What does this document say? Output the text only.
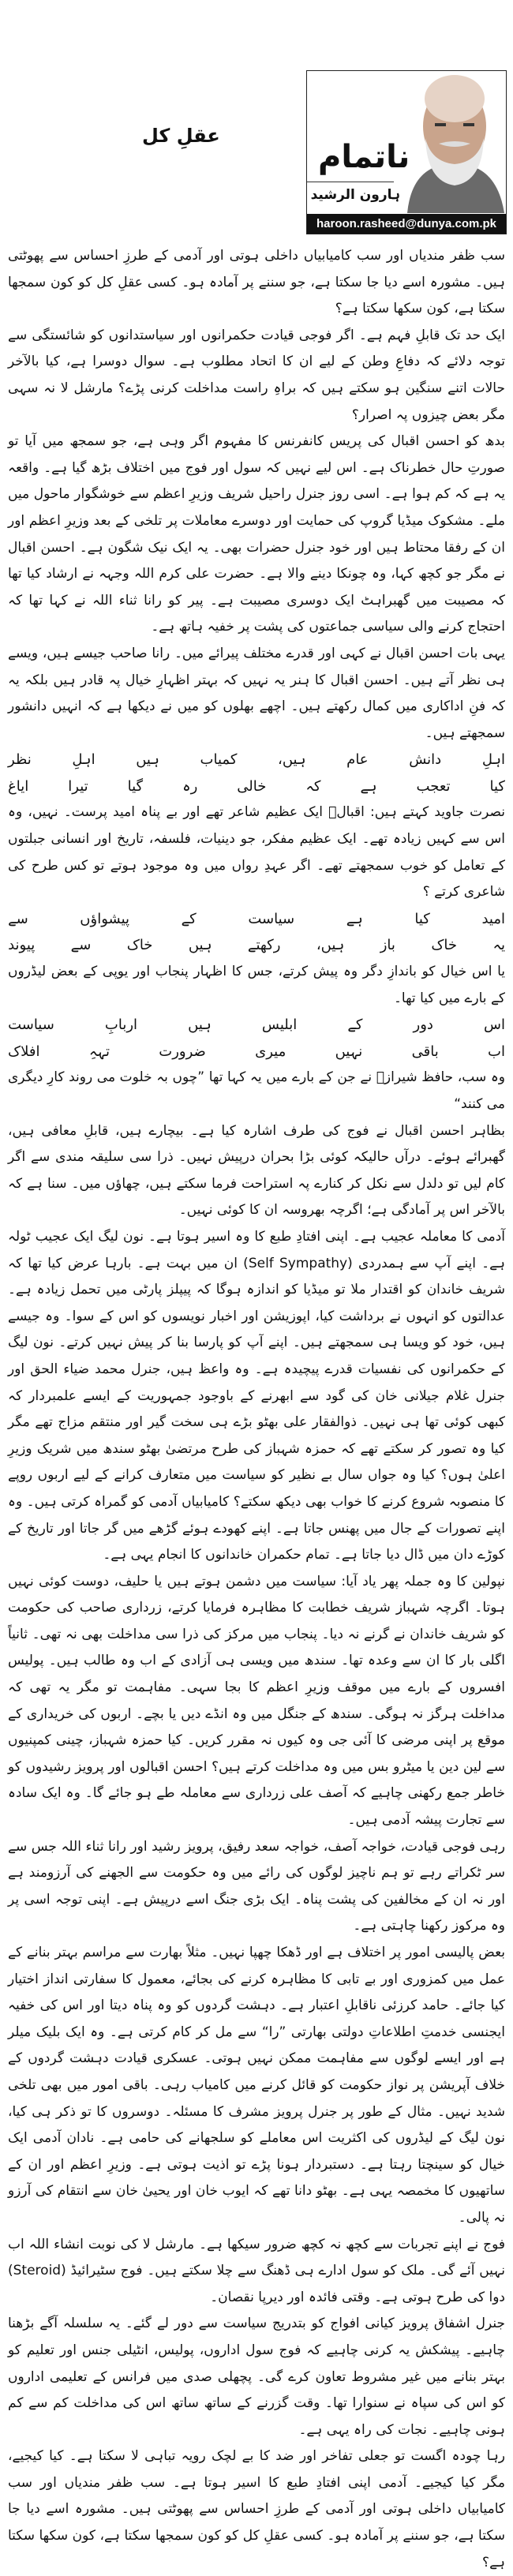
عقلِ کل
ناتمام
ہارون الرشید
haroon.rasheed@dunya.com.pk

سب ظفر مندیاں اور سب کامیابیاں داخلی ہوتی اور آدمی کے طرزِ احساس سے پھوٹتی ہیں۔ مشورہ اسے دیا جا سکتا ہے، جو سننے پر آمادہ ہو۔ کسی عقلِ کل کو کون سمجھا سکتا ہے، کون سکھا سکتا ہے؟

ایک حد تک قابلِ فہم ہے۔ اگر فوجی قیادت حکمرانوں اور سیاستدانوں کو شائستگی سے توجہ دلائے کہ دفاعِ وطن کے لیے ان کا اتحاد مطلوب ہے۔ سوال دوسرا ہے، کیا بالآخر حالات اتنے سنگین ہو سکتے ہیں کہ براہِ راست مداخلت کرنی پڑے؟ مارشل لا نہ سہی مگر بعض چیزوں پہ اصرار؟

بدھ کو احسن اقبال کی پریس کانفرنس کا مفہوم اگر وہی ہے، جو سمجھ میں آیا تو صورتِ حال خطرناک ہے۔ اس لیے نہیں کہ سول اور فوج میں اختلاف بڑھ گیا ہے۔ واقعہ یہ ہے کہ کم ہوا ہے۔ اسی روز جنرل راحیل شریف وزیرِ اعظم سے خوشگوار ماحول میں ملے۔ مشکوک میڈیا گروپ کی حمایت اور دوسرے معاملات پر تلخی کے بعد وزیرِ اعظم اور ان کے رفقا محتاط ہیں اور خود جنرل حضرات بھی۔ یہ ایک نیک شگون ہے۔ احسن اقبال نے مگر جو کچھ کہا، وہ چونکا دینے والا ہے۔ حضرت علی کرم اللہ وجہہ نے ارشاد کیا تھا کہ مصیبت میں گھبراہٹ ایک دوسری مصیبت ہے۔ پیر کو رانا ثناء اللہ نے کہا تھا کہ احتجاج کرنے والی سیاسی جماعتوں کی پشت پر خفیہ ہاتھ ہے۔

یہی بات احسن اقبال نے کہی اور قدرے مختلف پیرائے میں۔ رانا صاحب جیسے ہیں، ویسے ہی نظر آتے ہیں۔ احسن اقبال کا ہنر یہ نہیں کہ بہتر اظہارِ خیال پہ قادر ہیں بلکہ یہ کہ فنِ اداکاری میں کمال رکھتے ہیں۔ اچھے بھلوں کو میں نے دیکھا ہے کہ انہیں دانشور سمجھتے ہیں۔

اہلِ
دانش
عام
ہیں،
کمیاب
ہیں
اہلِ
نظر
کیا
تعجب
ہے
کہ
خالی
رہ
گیا
تیرا
ایاغ

نصرت جاوید کہتے ہیں: اقبالؔ ایک عظیم شاعر تھے اور بے پناہ امید پرست۔ نہیں، وہ اس سے کہیں زیادہ تھے۔ ایک عظیم مفکر، جو دینیات، فلسفہ، تاریخ اور انسانی جبلتوں کے تعامل کو خوب سمجھتے تھے۔ اگر عہدِ رواں میں وہ موجود ہوتے تو کس طرح کی شاعری کرتے ؟

امید
کیا
ہے
سیاست
کے
پیشواؤں
سے
یہ
خاک
باز
ہیں،
رکھتے
ہیں
خاک
سے
پیوند

یا اس خیال کو باندازِ دگر وہ پیش کرتے، جس کا اظہار پنجاب اور یوپی کے بعض لیڈروں کے بارے میں کیا تھا۔

اس
دور
کے
ابلیس
ہیں
اربابِ
سیاست
اب
باقی
نہیں
میری
ضرورت
تہہِ
افلاک

وہ سب، حافظ شیرازؔ نے جن کے بارے میں یہ کہا تھا ”چوں بہ خلوت می روند کارِ دیگری می کنند“

بظاہر احسن اقبال نے فوج کی طرف اشارہ کیا ہے۔ بیچارے ہیں، قابلِ معافی ہیں، گھبرائے ہوئے۔ درآں حالیکہ کوئی بڑا بحران درپیش نہیں۔ ذرا سی سلیقہ مندی سے اگر کام لیں تو دلدل سے نکل کر کنارے پہ استراحت فرما سکتے ہیں، چھاؤں میں۔ سنا ہے کہ بالآخر اس پر آمادگی ہے؛ اگرچہ بھروسہ ان کا کوئی نہیں۔

آدمی کا معاملہ عجیب ہے۔ اپنی افتادِ طبع کا وہ اسیر ہوتا ہے۔ نون لیگ ایک عجیب ٹولہ ہے۔ اپنے آپ سے ہمدردی (Self Sympathy) ان میں بہت ہے۔ بارہا عرض کیا تھا کہ شریف خاندان کو اقتدار ملا تو میڈیا کو اندازہ ہوگا کہ پیپلز پارٹی میں تحمل زیادہ ہے۔ عدالتوں کو انہوں نے برداشت کیا، اپوزیشن اور اخبار نویسوں کو اس کے سوا۔ وہ جیسے ہیں، خود کو ویسا ہی سمجھتے ہیں۔ اپنے آپ کو پارسا بنا کر پیش نہیں کرتے۔ نون لیگ کے حکمرانوں کی نفسیات قدرے پیچیدہ ہے۔ وہ واعظ ہیں، جنرل محمد ضیاء الحق اور جنرل غلام جیلانی خان کی گود سے ابھرنے کے باوجود جمہوریت کے ایسے علمبردار کہ کبھی کوئی تھا ہی نہیں۔ ذوالفقار علی بھٹو بڑے ہی سخت گیر اور منتقم مزاج تھے مگر کیا وہ تصور کر سکتے تھے کہ حمزہ شہباز کی طرح مرتضیٰ بھٹو سندھ میں شریک وزیرِ اعلیٰ ہوں؟ کیا وہ جواں سال بے نظیر کو سیاست میں متعارف کرانے کے لیے اربوں روپے کا منصوبہ شروع کرنے کا خواب بھی دیکھ سکتے؟ کامیابیاں آدمی کو گمراہ کرتی ہیں۔ وہ اپنے تصورات کے جال میں پھنس جاتا ہے۔ اپنے کھودے ہوئے گڑھے میں گر جاتا اور تاریخ کے کوڑے دان میں ڈال دیا جاتا ہے۔ تمام حکمران خاندانوں کا انجام یہی ہے۔

نپولین کا وہ جملہ پھر یاد آیا: سیاست میں دشمن ہوتے ہیں یا حلیف، دوست کوئی نہیں ہوتا۔ اگرچہ شہباز شریف خطابت کا مظاہرہ فرمایا کرتے، زرداری صاحب کی حکومت کو شریف خاندان نے گرنے نہ دیا۔ پنجاب میں مرکز کی ذرا سی مداخلت بھی نہ تھی۔ ثانیاً اگلی بار کا ان سے وعدہ تھا۔ سندھ میں ویسی ہی آزادی کے اب وہ طالب ہیں۔ پولیس افسروں کے بارے میں موقف وزیرِ اعظم کا بجا سہی۔ مفاہمت تو مگر یہ تھی کہ مداخلت ہرگز نہ ہوگی۔ سندھ کے جنگل میں وہ انڈے دیں یا بچے۔ اربوں کی خریداری کے موقع پر اپنی مرضی کا آئی جی وہ کیوں نہ مقرر کریں۔ کیا حمزہ شہباز، چینی کمپنیوں سے لین دین یا میٹرو بس میں وہ مداخلت کرتے ہیں؟ احسن اقبالوں اور پرویز رشیدوں کو خاطر جمع رکھنی چاہیے کہ آصف علی زرداری سے معاملہ طے ہو جائے گا۔ وہ ایک سادہ سے تجارت پیشہ آدمی ہیں۔

رہی فوجی قیادت، خواجہ آصف، خواجہ سعد رفیق، پرویز رشید اور رانا ثناء اللہ جس سے سر ٹکراتے رہے تو ہم ناچیز لوگوں کی رائے میں وہ حکومت سے الجھنے کی آرزومند ہے اور نہ ان کے مخالفین کی پشت پناہ۔ ایک بڑی جنگ اسے درپیش ہے۔ اپنی توجہ اسی پر وہ مرکوز رکھنا چاہتی ہے۔

بعض پالیسی امور پر اختلاف ہے اور ڈھکا چھپا نہیں۔ مثلاً بھارت سے مراسم بہتر بنانے کے عمل میں کمزوری اور بے تابی کا مظاہرہ کرنے کی بجائے، معمول کا سفارتی انداز اختیار کیا جائے۔ حامد کرزئی ناقابلِ اعتبار ہے۔ دہشت گردوں کو وہ پناہ دیتا اور اس کی خفیہ ایجنسی خدمتِ اطلاعاتِ دولتی بھارتی ”را“ سے مل کر کام کرتی ہے۔ وہ ایک بلیک میلر ہے اور ایسے لوگوں سے مفاہمت ممکن نہیں ہوتی۔ عسکری قیادت دہشت گردوں کے خلاف آپریشن پر نواز حکومت کو قائل کرنے میں کامیاب رہی۔ باقی امور میں بھی تلخی شدید نہیں۔ مثال کے طور پر جنرل پرویز مشرف کا مسئلہ۔ دوسروں کا تو ذکر ہی کیا، نون لیگ کے لیڈروں کی اکثریت اس معاملے کو سلجھانے کی حامی ہے۔ نادان آدمی ایک خیال کو سینچتا رہتا ہے۔ دستبردار ہونا پڑے تو اذیت ہوتی ہے۔ وزیرِ اعظم اور ان کے ساتھیوں کا مخمصہ یہی ہے۔ بھٹو دانا تھے کہ ایوب خان اور یحییٰ خان سے انتقام کی آرزو نہ پالی۔

فوج نے اپنے تجربات سے کچھ نہ کچھ ضرور سیکھا ہے۔ مارشل لا کی نوبت انشاء اللہ اب نہیں آئے گی۔ ملک کو سول ادارے ہی ڈھنگ سے چلا سکتے ہیں۔ فوج سٹیرائیڈ (Steroid) دوا کی طرح ہوتی ہے۔ وقتی فائدہ اور دیرپا نقصان۔

جنرل اشفاق پرویز کیانی افواج کو بتدریج سیاست سے دور لے گئے۔ یہ سلسلہ آگے بڑھنا چاہیے۔ پیشکش یہ کرنی چاہیے کہ فوج سول اداروں، پولیس، انٹیلی جنس اور تعلیم کو بہتر بنانے میں غیر مشروط تعاون کرے گی۔ پچھلی صدی میں فرانس کے تعلیمی اداروں کو اس کی سپاہ نے سنوارا تھا۔ وقت گزرنے کے ساتھ ساتھ اس کی مداخلت کم سے کم ہونی چاہیے۔ نجات کی راہ یہی ہے۔

رہا چودہ اگست تو جعلی تفاخر اور ضد کا بے لچک رویہ تباہی لا سکتا ہے۔ کیا کیجیے، مگر کیا کیجیے۔ آدمی اپنی افتادِ طبع کا اسیر ہوتا ہے۔ سب ظفر مندیاں اور سب کامیابیاں داخلی ہوتی اور آدمی کے طرزِ احساس سے پھوٹتی ہیں۔ مشورہ اسے دیا جا سکتا ہے، جو سننے پر آمادہ ہو۔ کسی عقلِ کل کو کون سمجھا سکتا ہے، کون سکھا سکتا ہے؟
